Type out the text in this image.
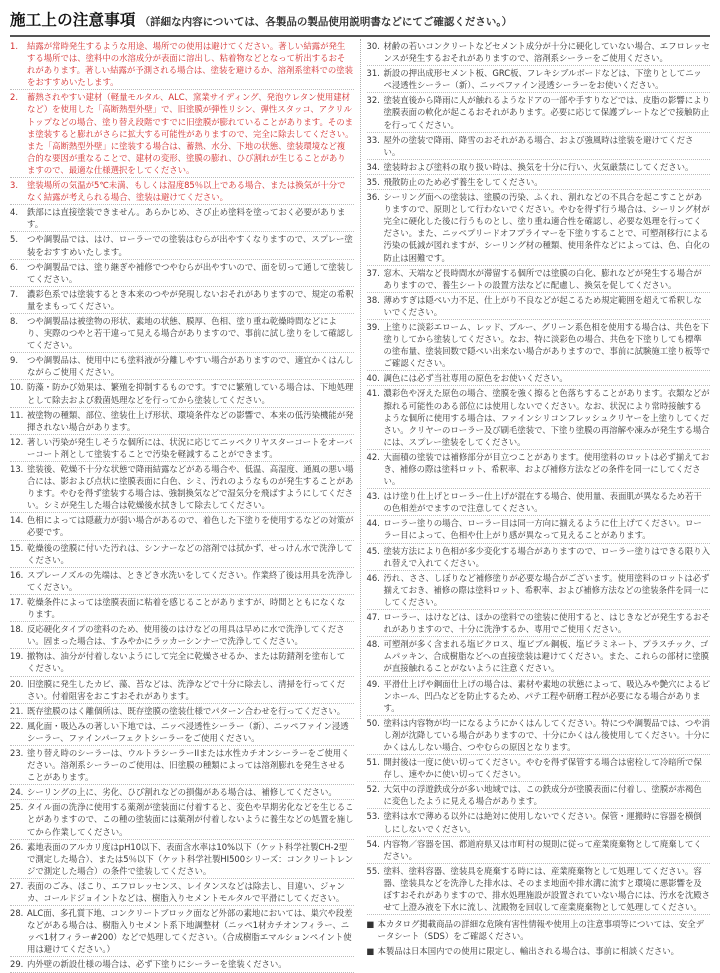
施工上の注意事項 （詳細な内容については、各製品の製品使用説明書などにてご確認ください。）
1.	結露が常時発生するような用途、場所での使用は避けてください。著しい結露が発生する場所では、塗料中の水溶成分が表面に溶出し、粘着物などとなって析出するおそれがあります。著しい結露が予測される場合は、塗装を避けるか、溶剤系塗料での塗装をおすすめいたします。
2.	蓄熱されやすい建材（軽量モルタル、ALC、窯業サイディング、発泡ウレタン使用建材など）を使用した「高断熱型外壁」で、旧塗膜が弾性リシン、弾性スタッコ、アクリルトップなどの場合、塗り替え段階ですでに旧塗膜が膨れていることがあります。そのまま塗装すると膨れがさらに拡大する可能性がありますので、完全に除去してください。また「高断熱型外壁」に塗装する場合は、蓄熱、水分、下地の状態、塗装環境など複合的な要因が重なることで、建材の変形、塗膜の膨れ、ひび割れが生じることがありますので、最適な仕様選択をしてください。
3.	塗装場所の気温が5℃未満、もしくは湿度85％以上である場合、または換気が十分でなく結露が考えられる場合、塗装は避けてください。
4.	鉄部には直接塗装できません。あらかじめ、さび止め塗料を塗っておく必要があります。
5.	つや調製品では、はけ、ローラーでの塗装はむらが出やすくなりますので、スプレー塗装をおすすめいたします。
6.	つや調製品では、塗り継ぎや補修でつやむらが出やすいので、面を切って通して塗装してください。
7.	濃彩色系では塗装するとき本来のつやが発現しないおそれがありますので、規定の希釈量をまもってください。
8.	つや調製品は被塗物の形状、素地の状態、膜厚、色相、塗り重ね乾燥時間などにより、実際のつやと若干違って見える場合がありますので、事前に試し塗りをして確認してください。
9.	つや調製品は、使用中にも塗料液が分離しやすい場合がありますので、適宜かくはんしながらご使用ください。
10. 防藻・防かび効果は、繁殖を抑制するものです。すでに繁殖している場合は、下地処理として除去および殺菌処理などを行ってから塗装してください。
11. 被塗物の種類、部位、塗装仕上げ形状、環境条件などの影響で、本来の低汚染機能が発揮されない場合があります。
12. 著しい汚染が発生しそうな個所には、状況に応じてニッペクリヤスターコートをオーバーコート剤として塗装することで汚染を軽減することができます。
13. 塗装後、乾燥不十分な状態で降雨結露などがある場合や、低温、高湿度、通風の悪い場合には、影および点状に塗膜表面に白色、シミ、汚れのようなものが発生することがあります。やむを得ず塗装する場合は、強制換気などで湿気分を飛ばすようにしてください。シミが発生した場合は乾燥後水拭きして除去してください。
14. 色相によっては隠蔽力が弱い場合があるので、着色した下塗りを使用するなどの対策が必要です。
15. 乾燥後の塗膜に付いた汚れは、シンナーなどの溶剤では拭かず、せっけん水で洗浄してください。
16. スプレーノズルの先端は、ときどき水洗いをしてください。作業終了後は用具を洗浄してください。
17. 乾燥条件によっては塗膜表面に粘着を感じることがありますが、時間とともになくなります。
18. 反応硬化タイプの塗料のため、使用後のはけなどの用具は早めに水で洗浄してください。固まった場合は、すみやかにラッカーシンナーで洗浄してください。
19. 撤物は、油分が付着しないようにして完全に乾燥させるか、または防錆剤を塗布してください。
20. 旧塗膜に発生したカビ、藻、苔などは、洗浄などで十分に除去し、清掃を行ってください。付着阻害をおこすおそれがあります。
21. 既存塗膜のはく離個所は、既存塗膜の塗装仕様でパターン合わせを行ってください。
22. 風化面・吸込みの著しい下地では、ニッペ浸透性シーラー（新）、ニッペファイン浸透シーラー、ファインパーフェクトシーラーをご使用ください。
23. 塗り替え時のシーラーは、ウルトラシーラーIIまたは水性カチオンシーラーをご使用ください。溶剤系シーラーのご使用は、旧塗膜の種類によっては溶剤膨れを発生させることがあります。
24. シーリングの上に、劣化、ひび割れなどの損傷がある場合は、補修してください。
25. タイル面の洗浄に使用する薬剤が塗装面に付着すると、変色や早期劣化などを生じることがありますので、この種の塗装面には薬剤が付着しないように養生などの処置を施してから作業してください。
26. 素地表面のアルカリ度はpH10以下、表面含水率は10%以下（ケット科学社製CH-2型で測定した場合）、または5％以下（ケット科学社製HI500シリーズ：コンクリートレンジで測定した場合）の条件で塗装してください。
27. 表面のごみ、ほこり、エフロレッセンス、レイタンスなどは除去し、目違い、ジャンカ、コールドジョイントなどは、樹脂入りセメントモルタルで平滑にしてください。
28. ALC面、多孔質下地、コンクリートブロック面など外部の素地においては、巣穴や段差などがある場合は、樹脂入りセメント系下地調整材（ニッペ1材カチオンフィラー、ニッペ1材フィラー#200）などで処理してください。（合成樹脂エマルションペイント使用は避けてください。）
29. 内外壁の新設仕様の場合は、必ず下塗りにシーラーを塗装ください。
30. 材齢の若いコンクリートなどセメント成分が十分に硬化していない場合、エフロレッセンスが発生するおそれがありますので、溶剤系シーラーをご使用ください。
31. 新設の押出成形セメント板、GRC板、フレキシブルボードなどは、下塗りとしてニッペ浸透性シーラー（新）、ニッペファイン浸透シーラーをお使いください。
32. 塗装直後から降雨に人が触れるようなドアの一部や手すりなどでは、皮脂の影響により塗膜表面の軟化が起こるおそれがあります。必要に応じて保護プレートなどで接触防止を行ってください。
33. 屋外の塗装で降雨、降雪のおそれがある場合、および強風時は塗装を避けてください。
34. 塗装時および塗料の取り扱い時は、換気を十分に行い、火気厳禁にしてください。
35. 飛散防止のため必ず養生をしてください。
36. シーリング面への塗装は、塗膜の汚染、ふくれ、割れなどの不具合を起こすことがありますので、原則として行わないでください。やむを得ず行う場合は、シーリング材が完全に硬化した後に行うものとし、塗り重ね適合性を確認し、必要な処理を行ってください。また、ニッペプリードオフプライマーを下塗りすることで、可塑剤移行による汚染の低減が図れますが、シーリング材の種類、使用条件などによっては、色、白化の防止は困難です。
37. 窓木、天端など長時間水が滞留する個所では塗膜の白化、膨れなどが発生する場合がありますので、養生シートの設置方法などに配慮し、換気を促してください。
38. 薄めすぎは隠ぺい力不足、仕上がり不良などが起こるため規定範囲を超えて希釈しないでください。
39. 上塗りに淡彩エローム、レッド、ブルー、グリーン系色相を使用する場合は、共色を下塗りしてから塗装してください。なお、特に淡彩色の場合、共色を下塗りしても標準の塗布量、塗装回数で隠ぺい出来ない場合がありますので、事前に試験施工塗り板等でご確認ください。
40. 調色には必ず当社専用の原色をお使いください。
41. 濃彩色や冴えた原色の場合、塗膜を強く擦ると色落ちすることがあります。衣類などが擦れる可能性のある部位には使用しないでください。なお、状況により常時接触するような個所に使用する場合は、ファインシリコンフレッシュクリヤーを上塗りしてください。クリヤーのローラー及び刷毛塗装で、下塗り塗膜の再溶解や凍みが発生する場合には、スプレー塗装をしてください。
42. 大面積の塗装では補修部分が目立つことがあります。使用塗料のロットは必ず揃えておき、補修の際は塗料ロット、希釈率、および補修方法などの条件を同一にしてください。
43. はけ塗り仕上げとローラー仕上げが混在する場合、使用量、表面肌が異なるため若干の色相差がでますので注意してください。
44. ローラー塗りの場合、ローラー目は同一方向に揃えるように仕上げてください。ローラー目によって、色相や仕上がり感が異なって見えることがあります。
45. 塗装方法により色相が多少変化する場合がありますので、ローラー塗りはできる限り入れ替えで入れてください。
46. 汚れ、ささ、しぼりなど補修塗りが必要な場合がございます。使用塗料のロットは必ず揃えておき、補修の際は塗料ロット、希釈率、および補修方法などの塗装条件を同一にしてください。
47. ローラー、はけなどは、ほかの塗料での塗装に使用すると、はじきなどが発生するおそれがありますので、十分に洗浄するか、専用でご使用ください。
48. 可塑剤が多く含まれる塩ビクロス、塩ビブル鋼板、塩ビラミネート、プラスチック、ゴムパッキン、合成樹脂などへの直接塗装は避けてください。また、これらの部材に塗膜が直接触れることがないように注意ください。
49. 平滑仕上げや鋼面仕上げの場合は、素材や素地の状態によって、吸込みや艶穴によるピンホール、凹凸などを防止するため、パテ工程や研磨工程が必要になる場合があります。
50. 塗料は内容物が均一になるようにかくはんしてください。特につや調製品では、つや消し剤が沈降している場合がありますので、十分にかくはん後使用してください。十分にかくはんしない場合、つやむらの原因となります。
51. 開封後は一度に使い切ってください。やむを得ず保管する場合は密栓して冷暗所で保存し、速やかに使い切ってください。
52. 大気中の浮遊鉄成分が多い地域では、この鉄成分が塗膜表面に付着し、塗膜が赤褐色に変色したように見える場合があります。
53. 塗料は水で薄める以外には絶対に使用しないでください。保管・運搬時に容器を横倒しにしないでください。
54. 内容物／容器を国、都道府県又は市町村の規則に従って産業廃棄物として廃棄してください。
55. 塗料、塗料容器、塗装具を廃棄する時には、産業廃棄物として処理してください。容器、塗装具などを洗浄した排水は、そのまま地面や排水溝に流すと環境に悪影響を及ぼすおそれがありますので、排水処理施設が設置されていない場合には、汚水を沈殿させて上澄み液を下水に流し、沈殿物を回収して産業廃棄物として処理してください。
■ 本カタログ掲載商品の詳細な危険有害性情報や使用上の注意事項等については、安全データシート（SDS）をご確認ください。
■ 本製品は日本国内での使用に限定し、輸出される場合は、事前に相談ください。
